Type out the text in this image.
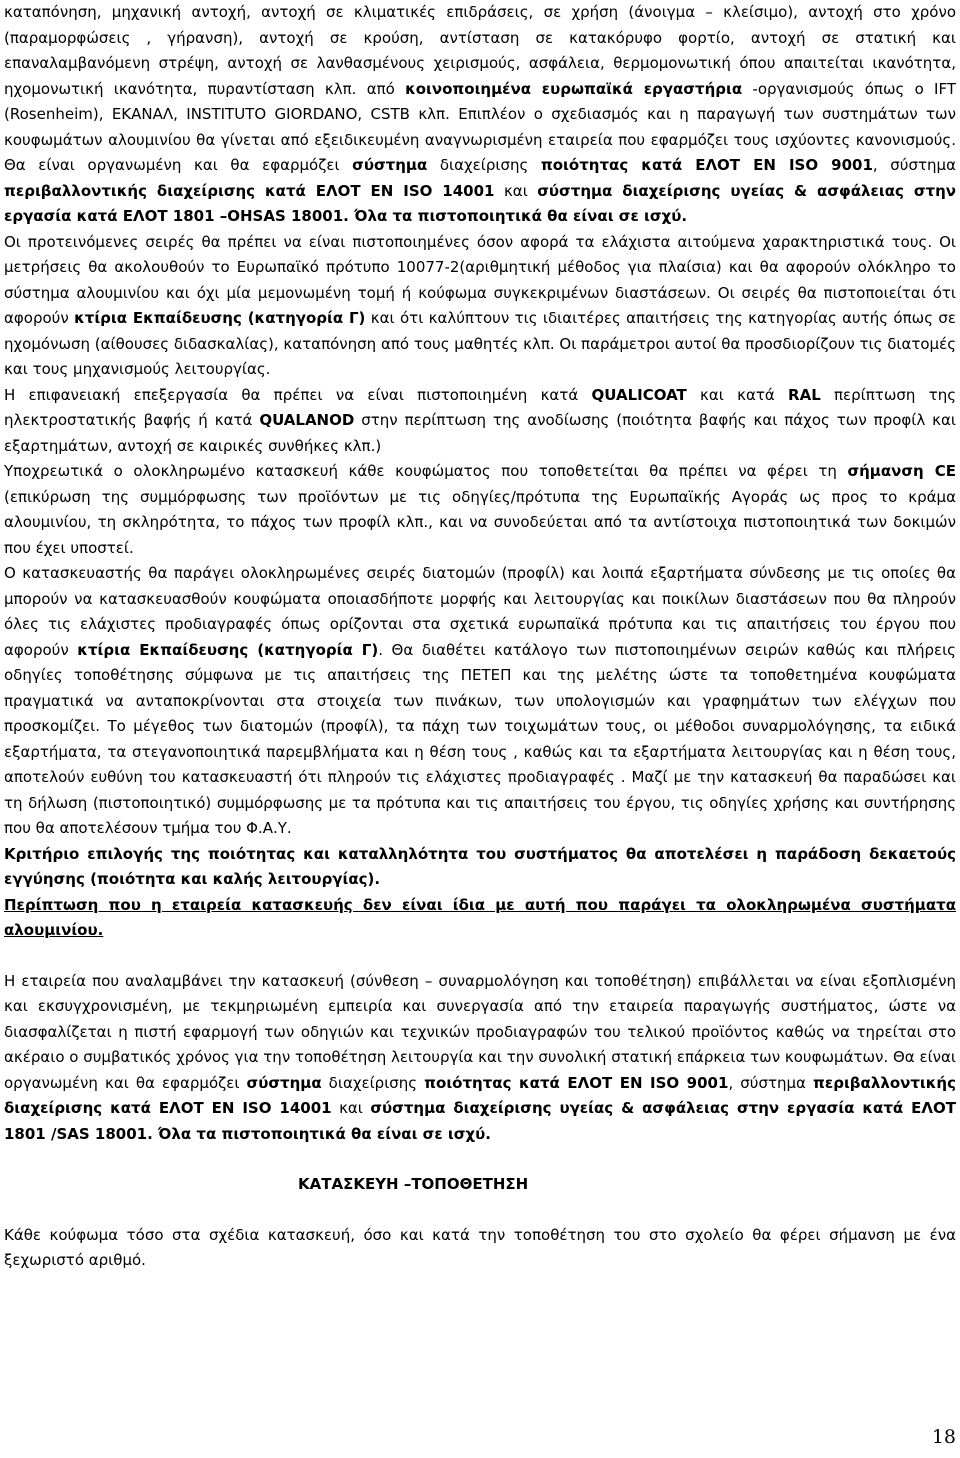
καταπόνηση, μηχανική αντοχή, αντοχή σε κλιματικές επιδράσεις, σε χρήση (άνοιγμα – κλείσιμο), αντοχή στο χρόνο (παραμορφώσεις , γήρανση), αντοχή σε κρούση, αντίσταση σε κατακόρυφο φορτίο, αντοχή σε στατική και επαναλαμβανόμενη στρέψη, αντοχή σε λανθασμένους χειρισμούς, ασφάλεια, θερμομονωτική όπου απαιτείται ικανότητα, ηχομονωτική ικανότητα, πυραντίσταση κλπ. από κοινοποιημένα ευρωπαϊκά εργαστήρια -οργανισμούς όπως ο IFT (Rosenheim), ΕΚΑΝΑΛ, INSTITUTO GIORDANO, CSTB κλπ. Επιπλέον ο σχεδιασμός και η παραγωγή των συστημάτων των κουφωμάτων αλουμινίου θα γίνεται από εξειδικευμένη αναγνωρισμένη εταιρεία που εφαρμόζει τους ισχύοντες κανονισμούς. Θα είναι οργανωμένη και θα εφαρμόζει σύστημα διαχείρισης ποιότητας κατά ΕΛΟΤ EN ISO 9001, σύστημα περιβαλλοντικής διαχείρισης κατά ΕΛΟΤ EN ISO 14001 και σύστημα διαχείρισης υγείας & ασφάλειας στην εργασία κατά ΕΛΟΤ 1801 –OHSAS 18001. Όλα τα πιστοποιητικά θα είναι σε ισχύ.

Οι προτεινόμενες σειρές θα πρέπει να είναι πιστοποιημένες όσον αφορά τα ελάχιστα αιτούμενα χαρακτηριστικά τους. Οι μετρήσεις θα ακολουθούν το Ευρωπαϊκό πρότυπο 10077-2(αριθμητική μέθοδος για πλαίσια) και θα αφορούν ολόκληρο το σύστημα αλουμινίου και όχι μία μεμονωμένη τομή ή κούφωμα συγκεκριμένων διαστάσεων. Οι σειρές θα πιστοποιείται ότι αφορούν κτίρια Εκπαίδευσης (κατηγορία Γ) και ότι καλύπτουν τις ιδιαιτέρες απαιτήσεις της κατηγορίας αυτής όπως σε ηχομόνωση (αίθουσες διδασκαλίας), καταπόνηση από τους μαθητές κλπ. Οι παράμετροι αυτοί θα προσδιορίζουν τις διατομές και τους μηχανισμούς λειτουργίας.

Η επιφανειακή επεξεργασία θα πρέπει να είναι πιστοποιημένη κατά QUALICOAT και κατά RAL περίπτωση της ηλεκτροστατικής βαφής ή κατά QUALANOD στην περίπτωση της ανοδίωσης (ποιότητα βαφής και πάχος των προφίλ και εξαρτημάτων, αντοχή σε καιρικές συνθήκες κλπ.)

Υποχρεωτικά ο ολοκληρωμένο κατασκευή κάθε κουφώματος που τοποθετείται θα πρέπει να φέρει τη σήμανση CE (επικύρωση της συμμόρφωσης των προϊόντων με τις οδηγίες/πρότυπα της Ευρωπαϊκής Αγοράς ως προς το κράμα αλουμινίου, τη σκληρότητα, το πάχος των προφίλ κλπ., και να συνοδεύεται από τα αντίστοιχα πιστοποιητικά των δοκιμών που έχει υποστεί.

Ο κατασκευαστής θα παράγει ολοκληρωμένες σειρές διατομών (προφίλ) και λοιπά εξαρτήματα σύνδεσης με τις οποίες θα μπορούν να κατασκευασθούν κουφώματα οποιασδήποτε μορφής και λειτουργίας και ποικίλων διαστάσεων που θα πληρούν όλες τις ελάχιστες προδιαγραφές όπως ορίζονται στα σχετικά ευρωπαϊκά πρότυπα και τις απαιτήσεις του έργου που αφορούν κτίρια Εκπαίδευσης (κατηγορία Γ). Θα διαθέτει κατάλογο των πιστοποιημένων σειρών καθώς και πλήρεις οδηγίες τοποθέτησης σύμφωνα με τις απαιτήσεις της ΠΕΤΕΠ και της μελέτης ώστε τα τοποθετημένα κουφώματα πραγματικά να ανταποκρίνονται στα στοιχεία των πινάκων, των υπολογισμών και γραφημάτων των ελέγχων που προσκομίζει. Το μέγεθος των διατομών (προφίλ), τα πάχη των τοιχωμάτων τους, οι μέθοδοι συναρμολόγησης, τα ειδικά εξαρτήματα, τα στεγανοποιητικά παρεμβλήματα και η θέση τους , καθώς και τα εξαρτήματα λειτουργίας και η θέση τους, αποτελούν ευθύνη του κατασκευαστή ότι πληρούν τις ελάχιστες προδιαγραφές . Μαζί με την κατασκευή θα παραδώσει και τη δήλωση (πιστοποιητικό) συμμόρφωσης με τα πρότυπα και τις απαιτήσεις του έργου, τις οδηγίες χρήσης και συντήρησης που θα αποτελέσουν τμήμα του Φ.Α.Υ.

Κριτήριο επιλογής της ποιότητας και καταλληλότητα του συστήματος θα αποτελέσει η παράδοση δεκαετούς εγγύησης (ποιότητα και καλής λειτουργίας).

Περίπτωση που η εταιρεία κατασκευής δεν είναι ίδια με αυτή που παράγει τα ολοκληρωμένα συστήματα αλουμινίου.

Η εταιρεία που αναλαμβάνει την κατασκευή (σύνθεση – συναρμολόγηση και τοποθέτηση) επιβάλλεται να είναι εξοπλισμένη και εκσυγχρονισμένη, με τεκμηριωμένη εμπειρία και συνεργασία από την εταιρεία παραγωγής συστήματος, ώστε να διασφαλίζεται η πιστή εφαρμογή των οδηγιών και τεχνικών προδιαγραφών του τελικού προϊόντος καθώς να τηρείται στο ακέραιο ο συμβατικός χρόνος για την τοποθέτηση λειτουργία και την συνολική στατική επάρκεια των κουφωμάτων. Θα είναι οργανωμένη και θα εφαρμόζει σύστημα διαχείρισης ποιότητας κατά ΕΛΟΤ EN ISO 9001, σύστημα περιβαλλοντικής διαχείρισης κατά ΕΛΟΤ EN ISO 14001 και σύστημα διαχείρισης υγείας & ασφάλειας στην εργασία κατά ΕΛΟΤ 1801 /SAS 18001. Όλα τα πιστοποιητικά θα είναι σε ισχύ.

ΚΑΤΑΣΚΕΥΗ –ΤΟΠΟΘΕΤΗΣΗ

Κάθε κούφωμα τόσο στα σχέδια κατασκευή, όσο και κατά την τοποθέτηση του στο σχολείο θα φέρει σήμανση με ένα ξεχωριστό αριθμό.

18
